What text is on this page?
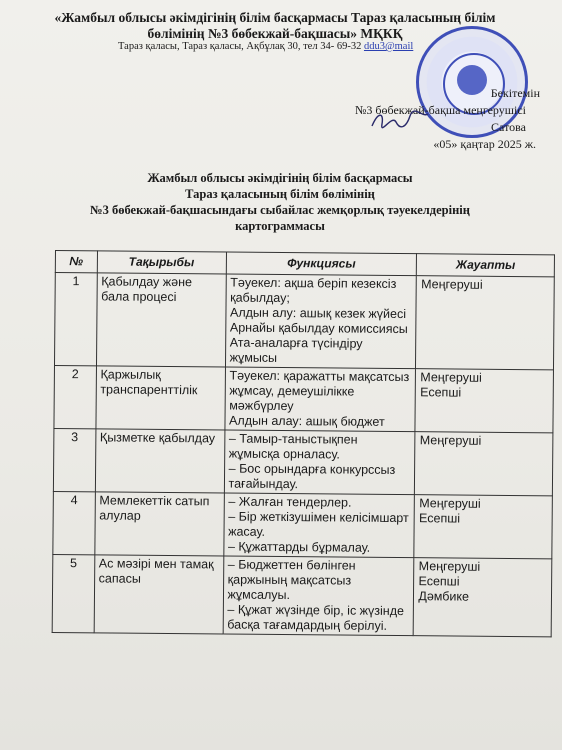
«Жамбыл облысы әкімдігінің білім басқармасы Тараз қаласының білім
бөлімінің №3 бөбекжай-бақшасы» МҚКҚ
Тараз қаласы, Тараз қаласы, Ақбұлақ 30, тел 34- 69-32 ddu3@mail
Бекітемін
№3 бөбекжай-бақша меңгерушісі
Сатова
«05» қаңтар 2025 ж.
Жамбыл облысы әкімдігінің білім басқармасы
Тараз қаласының білім бөлімінің
№3 бөбекжай-бақшасындағы сыбайлас жемқорлық тәуекелдерінің
картограммасы
№	Тақырыбы	Функциясы	Жауапты
1	Қабылдау және бала процесі	Тәуекел: ақша беріп кезексіз қабылдау;
Алдын алу: ашық кезек жүйесі
Арнайы қабылдау комиссиясы
Ата-аналарға түсіндіру жұмысы	Меңгеруші

2	Қаржылық транспаренттілік	Тәуекел: қаражатты мақсатсыз жұмсау, демеушілікке мәжбүрлеу
Алдын алау: ашық бюджет	Меңгеруші
Есепші

3	Қызметке қабылдау	– Тамыр-таныстықпен жұмысқа орналасу.
– Бос орындарға конкурссыз тағайындау.	Меңгеруші

4	Мемлекеттік сатып алулар	– Жалған тендерлер.
– Бір жеткізушімен келісімшарт жасау.
– Құжаттарды бұрмалау.	Меңгеруші
Есепші

5	Ас мәзірі мен тамақ сапасы	– Бюджеттен бөлінген қаржының мақсатсыз жұмсалуы.
– Құжат жүзінде бір, іс жүзінде басқа тағамдардың берілуі.	Меңгеруші
Есепші
Дәмбике
